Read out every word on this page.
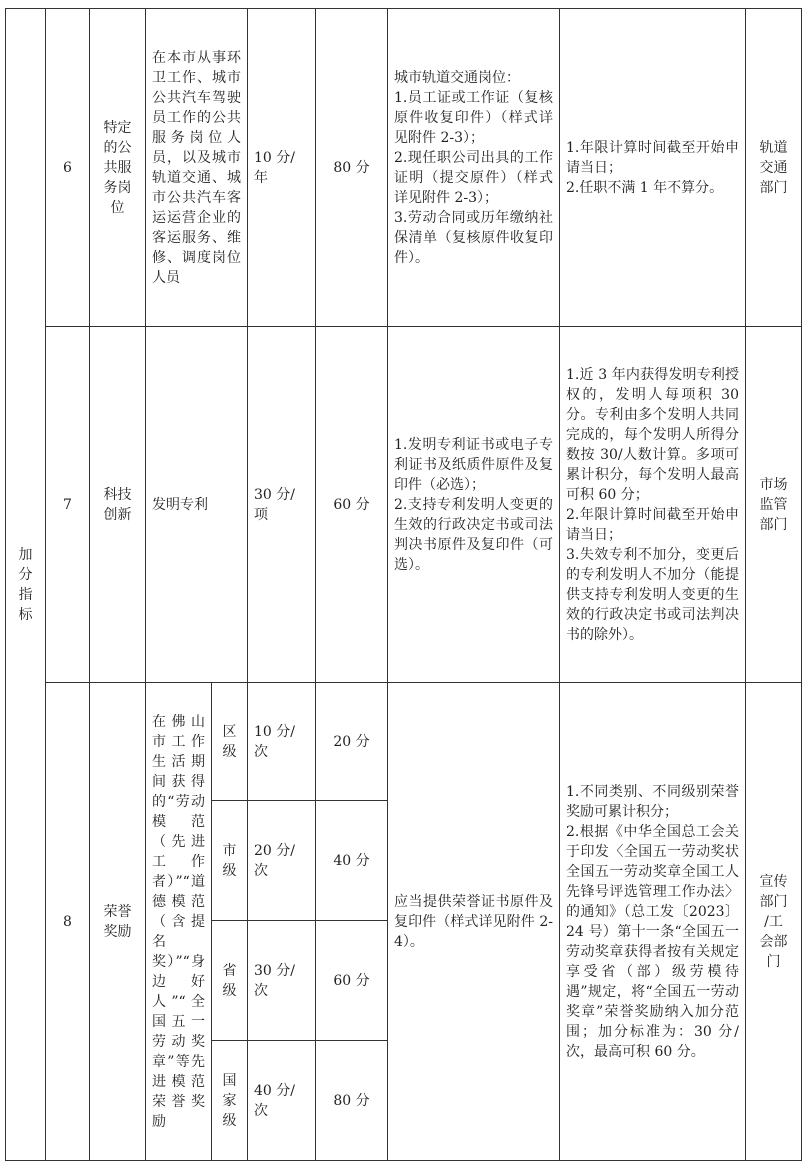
加分
指标	6	特定
的公
共服
务岗
位	在本市从事环卫工作、城市公共汽车驾驶员工作的公共服务岗位人员，以及城市轨道交通、城市公共汽车客运运营企业的客运服务、维修、调度岗位人员		10 分/
年	80 分	城市轨道交通岗位：
1.员工证或工作证（复核原件收复印件）（样式详见附件 2-3）；
2.现任职公司出具的工作证明（提交原件）（样式详见附件 2-3）；
3.劳动合同或历年缴纳社保清单（复核原件收复印件）。	1.年限计算时间截至开始申请当日；
2.任职不满 1 年不算分。	轨道
交通
部门
	7	科技
创新	发明专利		30 分/
项	60 分	1.发明专利证书或电子专利证书及纸质件原件及复印件（必选）；
2.支持专利发明人变更的生效的行政决定书或司法判决书原件及复印件（可选）。	1.近 3 年内获得发明专利授权的，发明人每项积 30 分。专利由多个发明人共同完成的，每个发明人所得分数按 30/人数计算。多项可累计积分，每个发明人最高可积 60 分；
2.年限计算时间截至开始申请当日；
3.失效专利不加分，变更后的专利发明人不加分（能提供支持专利发明人变更的生效的行政决定书或司法判决书的除外）。	市场
监管
部门
	8	荣誉
奖励	在佛山市工作生活期间获得的“劳动模范（先进工作者）”“道德模范（含提名奖）”“身边好人”“全国五一劳动奖章”等先进模范荣誉奖励	区
级	10 分/
次	20 分	应当提供荣誉证书原件及复印件（样式详见附件 2-4）。	1.不同类别、不同级别荣誉奖励可累计积分；
2.根据《中华全国总工会关于印发〈全国五一劳动奖状全国五一劳动奖章全国工人先锋号评选管理工作办法〉的通知》（总工发〔2023〕24 号）第十一条“全国五一劳动奖章获得者按有关规定享受省（部）级劳模待遇”规定，将“全国五一劳动奖章”荣誉奖励纳入加分范围；加分标准为：30 分/次，最高可积 60 分。	宣传
部门
/工
会部
门
				市
级	20 分/
次	40 分			
				省
级	30 分/
次	60 分			
				国
家
级	40 分/
次	80 分			
